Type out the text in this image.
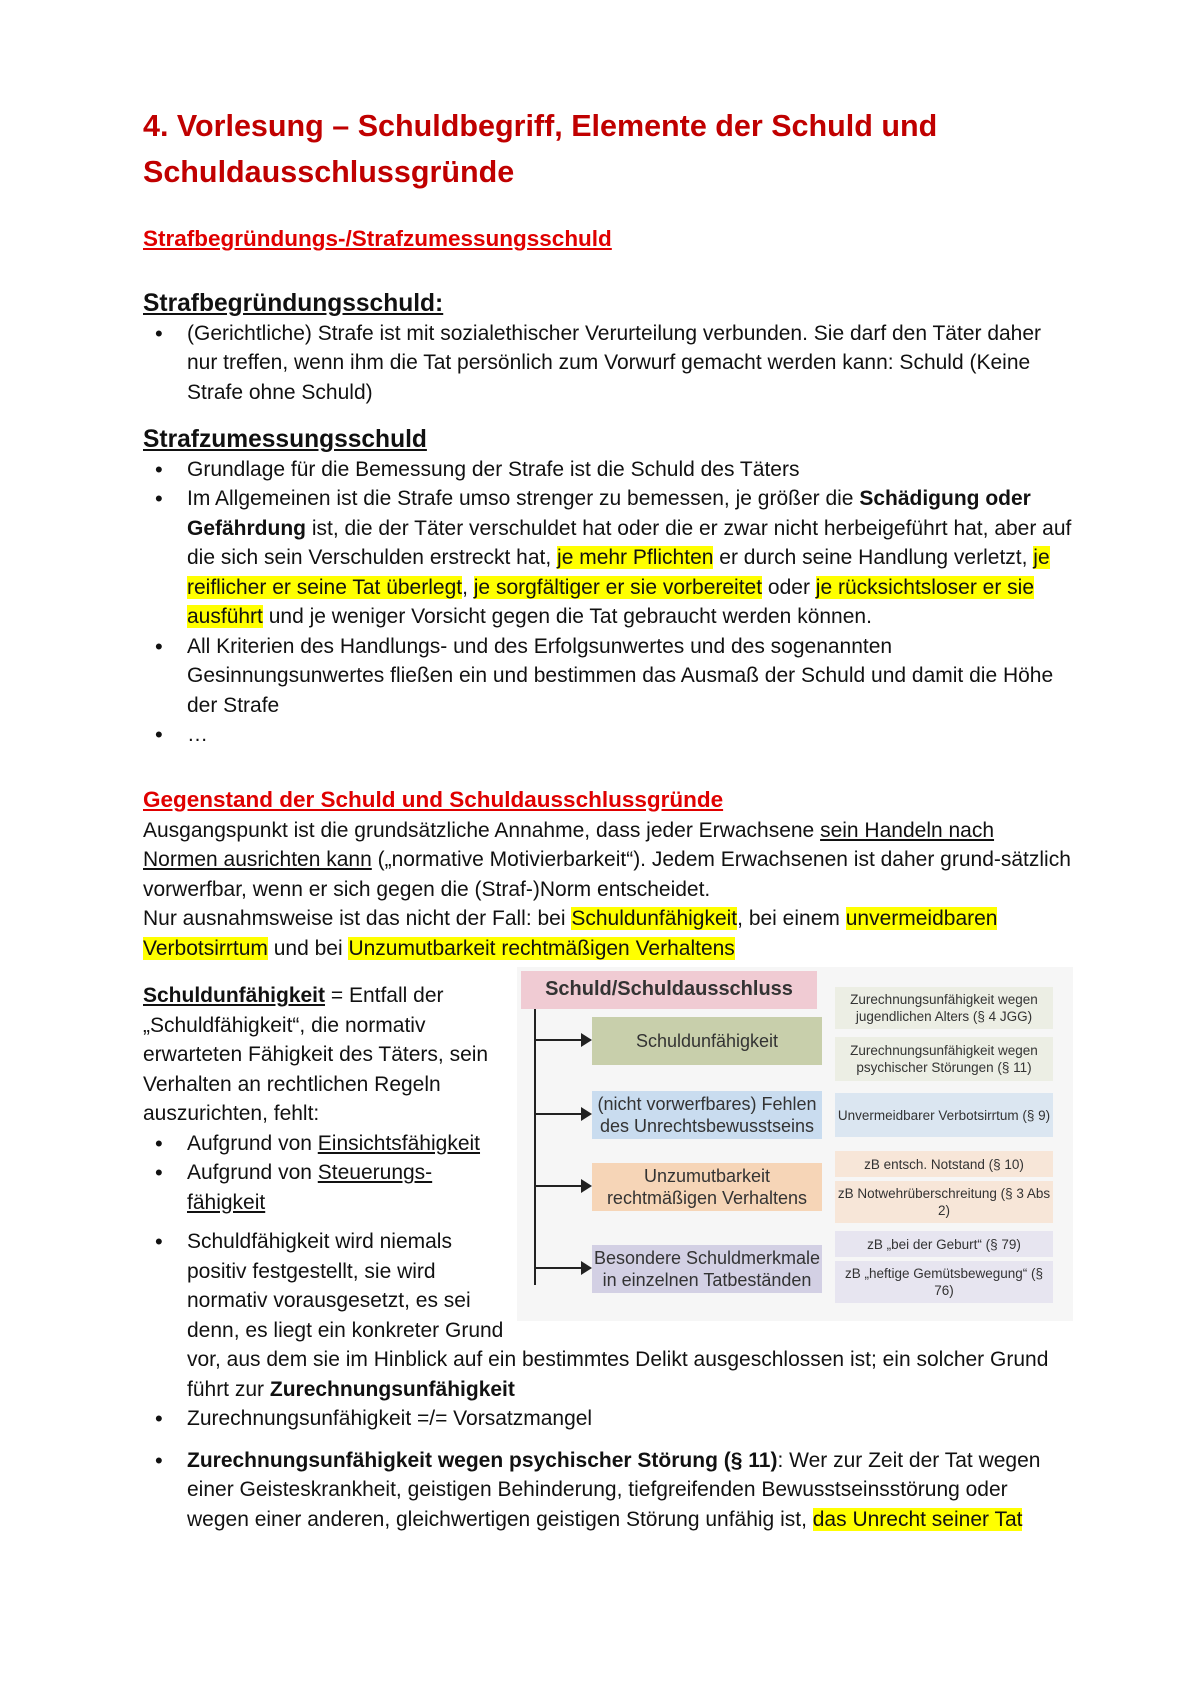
4. Vorlesung – Schuldbegriff, Elemente der Schuld und Schuldausschlussgründe
Strafbegründungs-/Strafzumessungsschuld
Strafbegründungsschuld:
• (Gerichtliche) Strafe ist mit sozialethischer Verurteilung verbunden. Sie darf den Täter daher nur treffen, wenn ihm die Tat persönlich zum Vorwurf gemacht werden kann: Schuld (Keine Strafe ohne Schuld)
Strafzumessungsschuld
• Grundlage für die Bemessung der Strafe ist die Schuld des Täters
• Im Allgemeinen ist die Strafe umso strenger zu bemessen, je größer die Schädigung oder Gefährdung ist, die der Täter verschuldet hat oder die er zwar nicht herbeigeführt hat, aber auf die sich sein Verschulden erstreckt hat, je mehr Pflichten er durch seine Handlung verletzt, je reiflicher er seine Tat überlegt, je sorgfältiger er sie vorbereitet oder je rücksichtsloser er sie ausführt und je weniger Vorsicht gegen die Tat gebraucht werden können.
• All Kriterien des Handlungs- und des Erfolgsunwertes und des sogenannten Gesinnungsunwertes fließen ein und bestimmen das Ausmaß der Schuld und damit die Höhe der Strafe
• …
Gegenstand der Schuld und Schuldausschlussgründe

Ausgangspunkt ist die grundsätzliche Annahme, dass jeder Erwachsene sein Handeln nach Normen ausrichten kann („normative Motivierbarkeit“). Jedem Erwachsenen ist daher grund-sätzlich vorwerfbar, wenn er sich gegen die (Straf-)Norm entscheidet.

Nur ausnahmsweise ist das nicht der Fall: bei Schuldunfähigkeit, bei einem unvermeidbaren Verbotsirrtum und bei Unzumutbarkeit rechtmäßigen Verhaltens

Schuld/Schuldausschluss
Schuldunfähigkeit
(nicht vorwerfbares) Fehlen des Unrechtsbewusstseins
Unzumutbarkeit rechtmäßigen Verhaltens
Besondere Schuldmerkmale in einzelnen Tatbeständen
Zurechnungsunfähigkeit wegen jugendlichen Alters (§ 4 JGG)
Zurechnungsunfähigkeit wegen psychischer Störungen (§ 11)
Unvermeidbarer Verbotsirrtum (§ 9)
zB entsch. Notstand (§ 10)
zB Notwehrüberschreitung (§ 3 Abs 2)
zB „bei der Geburt“ (§ 79)
zB „heftige Gemütsbewegung“ (§ 76)

Schuldunfähigkeit = Entfall der „Schuldfähigkeit“, die normativ erwarteten Fähigkeit des Täters, sein Verhalten an rechtlichen Regeln auszurichten, fehlt:

• Aufgrund von Einsichtsfähigkeit
• Aufgrund von Steuerungs-fähigkeit
• Schuldfähigkeit wird niemals positiv festgestellt, sie wird normativ vorausgesetzt, es sei denn, es liegt ein konkreter Grund vor, aus dem sie im Hinblick auf ein bestimmtes Delikt ausgeschlossen ist; ein solcher Grund führt zur Zurechnungsunfähigkeit
• Zurechnungsunfähigkeit =/= Vorsatzmangel
• Zurechnungsunfähigkeit wegen psychischer Störung (§ 11): Wer zur Zeit der Tat wegen einer Geisteskrankheit, geistigen Behinderung, tiefgreifenden Bewusstseinsstörung oder wegen einer anderen, gleichwertigen geistigen Störung unfähig ist, das Unrecht seiner Tat
